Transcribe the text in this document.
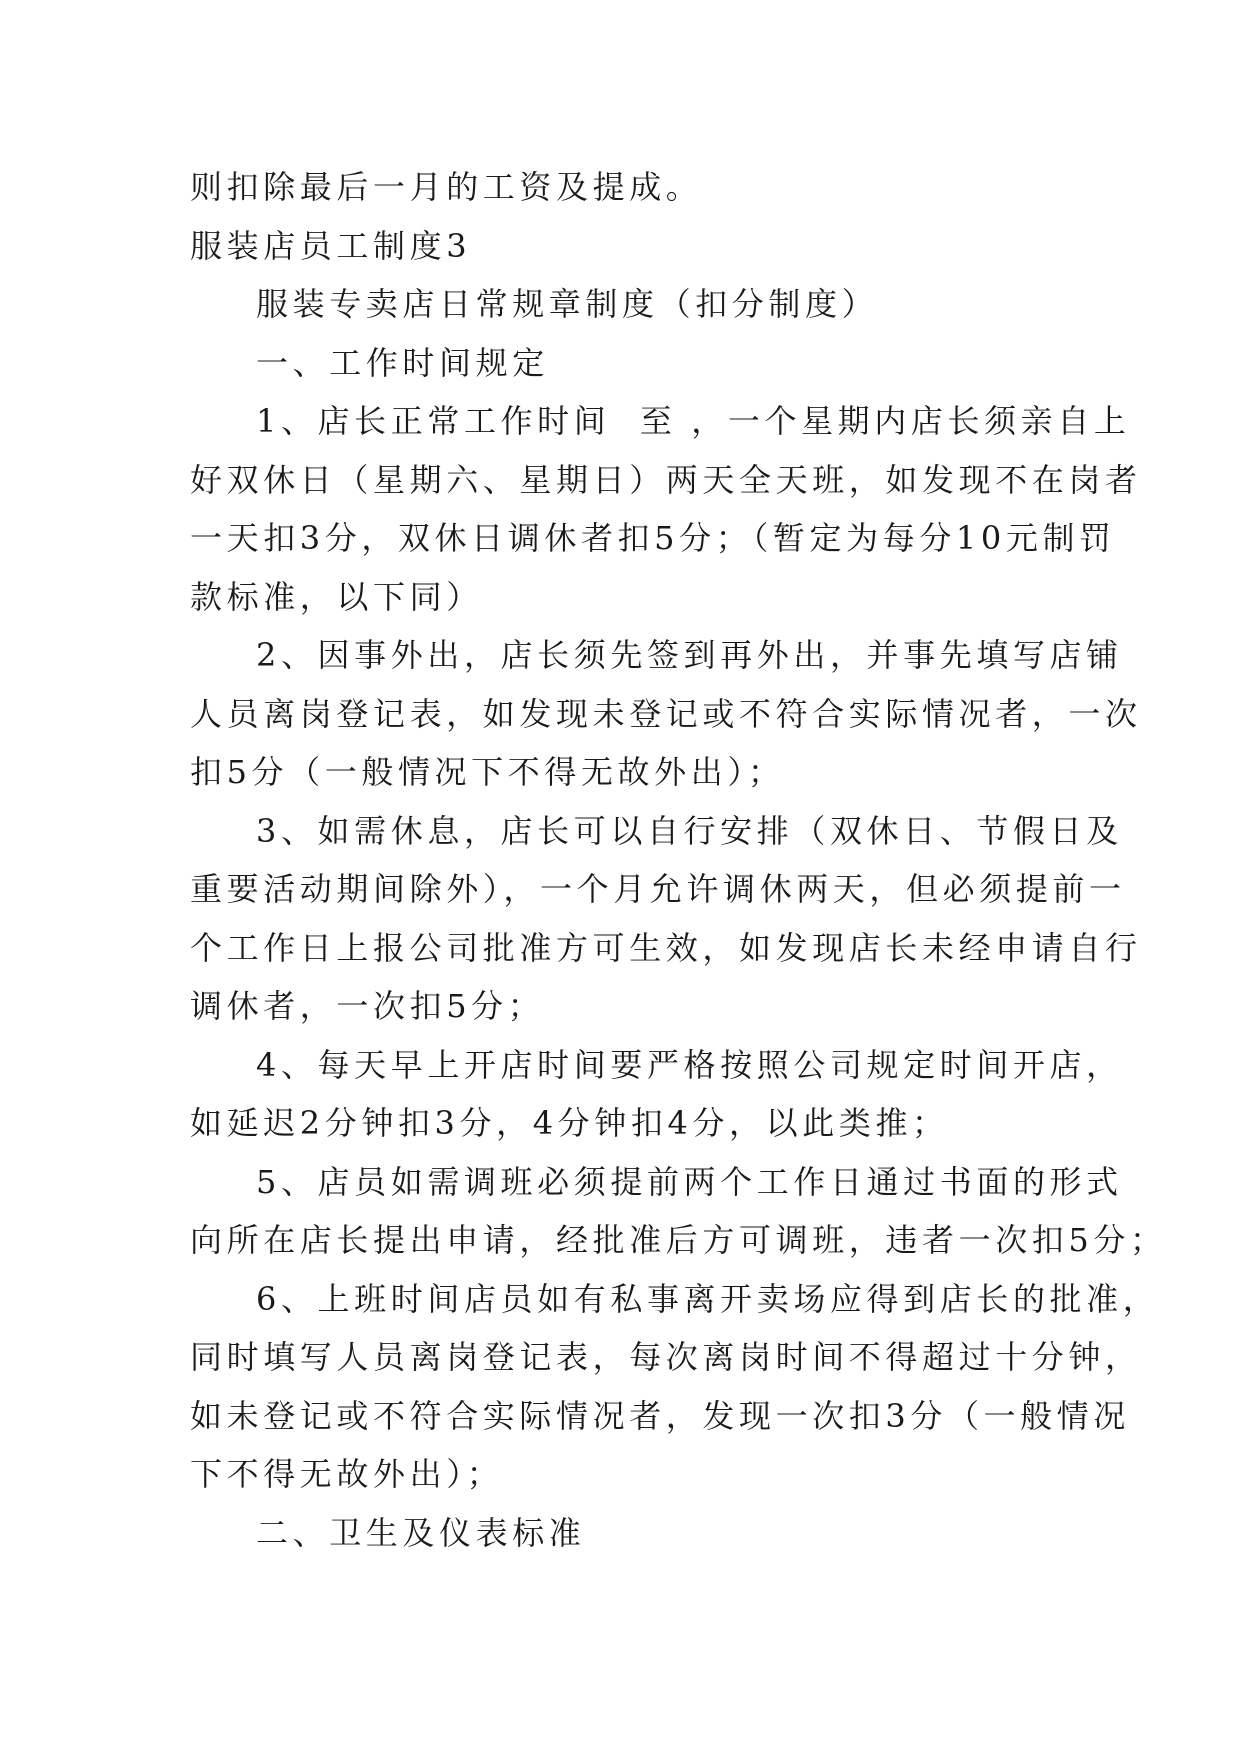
则扣除最后一月的工资及提成。
服装店员工制度3
服装专卖店日常规章制度（扣分制度）
一、工作时间规定
1、店长正常工作时间  至 ，一个星期内店长须亲自上
好双休日（星期六、星期日）两天全天班，如发现不在岗者
一天扣3分，双休日调休者扣5分；（暂定为每分10元制罚
款标准，以下同）
2、因事外出，店长须先签到再外出，并事先填写店铺
人员离岗登记表，如发现未登记或不符合实际情况者，一次
扣5分（一般情况下不得无故外出）；
3、如需休息，店长可以自行安排（双休日、节假日及
重要活动期间除外），一个月允许调休两天，但必须提前一
个工作日上报公司批准方可生效，如发现店长未经申请自行
调休者，一次扣5分；
4、每天早上开店时间要严格按照公司规定时间开店，
如延迟2分钟扣3分，4分钟扣4分，以此类推；
5、店员如需调班必须提前两个工作日通过书面的形式
向所在店长提出申请，经批准后方可调班，违者一次扣5分；
6、上班时间店员如有私事离开卖场应得到店长的批准，
同时填写人员离岗登记表，每次离岗时间不得超过十分钟，
如未登记或不符合实际情况者，发现一次扣3分（一般情况
下不得无故外出）；
二、卫生及仪表标准
